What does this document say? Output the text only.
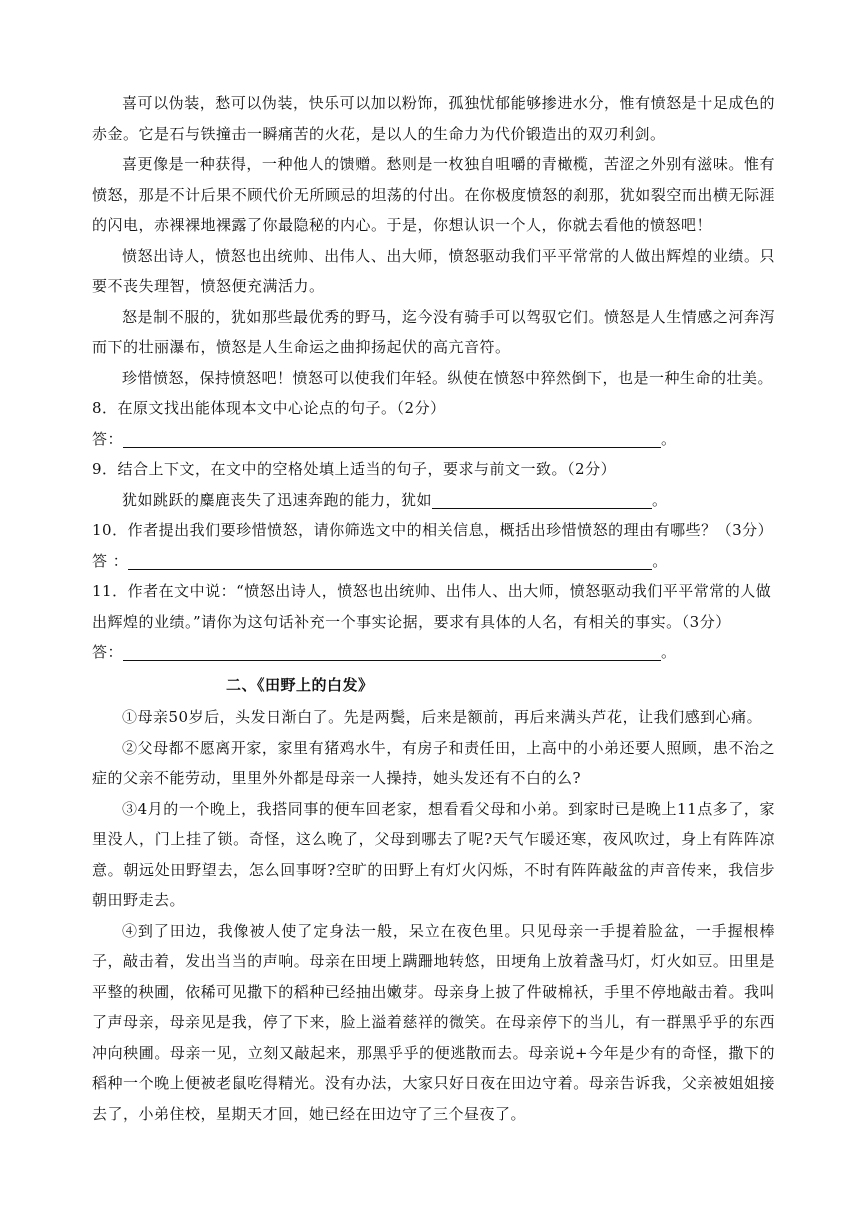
喜可以伪装，愁可以伪装，快乐可以加以粉饰，孤独忧郁能够掺进水分，惟有愤怒是十足成色的赤金。它是石与铁撞击一瞬痛苦的火花，是以人的生命力为代价锻造出的双刃利剑。

喜更像是一种获得，一种他人的馈赠。愁则是一枚独自咀嚼的青橄榄，苦涩之外别有滋味。惟有愤怒，那是不计后果不顾代价无所顾忌的坦荡的付出。在你极度愤怒的刹那，犹如裂空而出横无际涯的闪电，赤裸裸地裸露了你最隐秘的内心。于是，你想认识一个人，你就去看他的愤怒吧！

愤怒出诗人，愤怒也出统帅、出伟人、出大师，愤怒驱动我们平平常常的人做出辉煌的业绩。只要不丧失理智，愤怒便充满活力。

怒是制不服的，犹如那些最优秀的野马，迄今没有骑手可以驾驭它们。愤怒是人生情感之河奔泻而下的壮丽瀑布，愤怒是人生命运之曲抑扬起伏的高亢音符。

珍惜愤怒，保持愤怒吧！愤怒可以使我们年轻。纵使在愤怒中猝然倒下，也是一种生命的壮美。

8．在原文找出能体现本文中心论点的句子。（2分）

答：	。

9．结合上下文，在文中的空格处填上适当的句子，要求与前文一致。（2分）

犹如跳跃的麋鹿丧失了迅速奔跑的能力，犹如	。

10．作者提出我们要珍惜愤怒，请你筛选文中的相关信息，概括出珍惜愤怒的理由有哪些？（3分）

答 ：	。

11．作者在文中说：“愤怒出诗人，愤怒也出统帅、出伟人、出大师，愤怒驱动我们平平常常的人做出辉煌的业绩。”请你为这句话补充一个事实论据，要求有具体的人名，有相关的事实。（3分）

答：	。

二、《田野上的白发》

①母亲50岁后，头发日渐白了。先是两鬓，后来是额前，再后来满头芦花，让我们感到心痛。

②父母都不愿离开家，家里有猪鸡水牛，有房子和责任田，上高中的小弟还要人照顾，患不治之症的父亲不能劳动，里里外外都是母亲一人操持，她头发还有不白的么?

③4月的一个晚上，我搭同事的便车回老家，想看看父母和小弟。到家时已是晚上11点多了，家里没人，门上挂了锁。奇怪，这么晚了，父母到哪去了呢?天气乍暖还寒，夜风吹过，身上有阵阵凉意。朝远处田野望去，怎么回事呀?空旷的田野上有灯火闪烁，不时有阵阵敲盆的声音传来，我信步朝田野走去。

④到了田边，我像被人使了定身法一般，呆立在夜色里。只见母亲一手提着脸盆，一手握根棒子，敲击着，发出当当的声响。母亲在田埂上蹒跚地转悠，田埂角上放着盏马灯，灯火如豆。田里是平整的秧圃，依稀可见撒下的稻种已经抽出嫩芽。母亲身上披了件破棉袄，手里不停地敲击着。我叫了声母亲，母亲见是我，停了下来，脸上溢着慈祥的微笑。在母亲停下的当儿，有一群黑乎乎的东西冲向秧圃。母亲一见，立刻又敲起来，那黑乎乎的便逃散而去。母亲说+今年是少有的奇怪，撒下的稻种一个晚上便被老鼠吃得精光。没有办法，大家只好日夜在田边守着。母亲告诉我，父亲被姐姐接去了，小弟住校，星期天才回，她已经在田边守了三个昼夜了。
